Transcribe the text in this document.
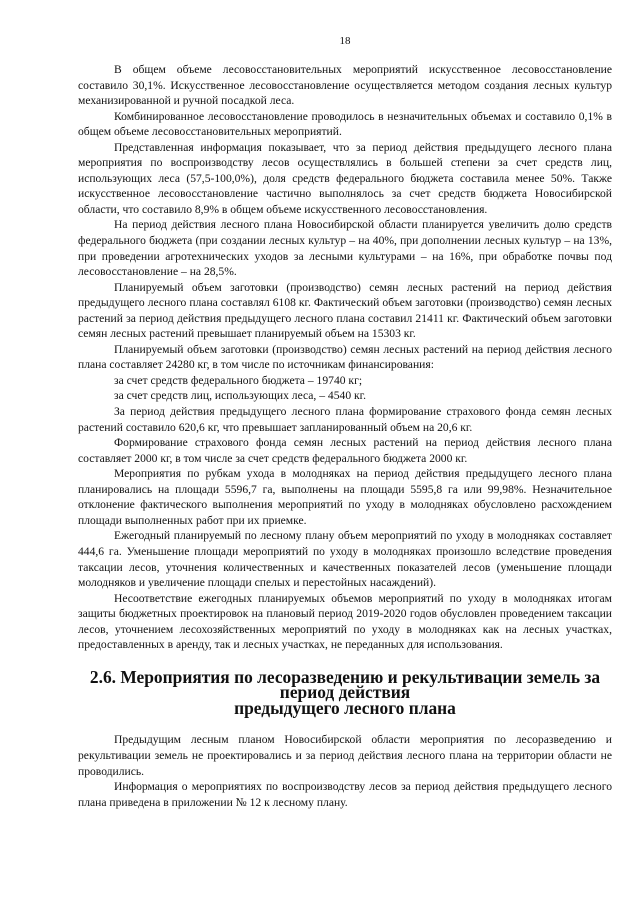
18

В общем объеме лесовосстановительных мероприятий искусственное лесовосстановление составило 30,1%. Искусственное лесовосстановление осуществляется методом создания лесных культур механизированной и ручной посадкой леса.

Комбинированное лесовосстановление проводилось в незначительных объемах и составило 0,1% в общем объеме лесовосстановительных мероприятий.

Представленная информация показывает, что за период действия предыдущего лесного плана мероприятия по воспроизводству лесов осуществлялись в большей степени за счет средств лиц, использующих леса (57,5-100,0%), доля средств федерального бюджета составила менее 50%. Также искусственное лесовосстановление частично выполнялось за счет средств бюджета Новосибирской области, что составило 8,9% в общем объеме искусственного лесовосстановления.

На период действия лесного плана Новосибирской области планируется увеличить долю средств федерального бюджета (при создании лесных культур – на 40%, при дополнении лесных культур – на 13%, при проведении агротехнических уходов за лесными культурами – на 16%, при обработке почвы под лесовосстановление – на 28,5%.

Планируемый объем заготовки (производство) семян лесных растений на период действия предыдущего лесного плана составлял 6108 кг. Фактический объем заготовки (производство) семян лесных растений за период действия предыдущего лесного плана составил 21411 кг. Фактический объем заготовки семян лесных растений превышает планируемый объем на 15303 кг.

Планируемый объем заготовки (производство) семян лесных растений на период действия лесного плана составляет 24280 кг, в том числе по источникам финансирования:

за счет средств федерального бюджета – 19740 кг;

за счет средств лиц, использующих леса, – 4540 кг.

За период действия предыдущего лесного плана формирование страхового фонда семян лесных растений составило 620,6 кг, что превышает запланированный объем на 20,6 кг.

Формирование страхового фонда семян лесных растений на период действия лесного плана составляет 2000 кг, в том числе за счет средств федерального бюджета 2000 кг.

Мероприятия по рубкам ухода в молодняках на период действия предыдущего лесного плана планировались на площади 5596,7 га, выполнены на площади 5595,8 га или 99,98%. Незначительное отклонение фактического выполнения мероприятий по уходу в молодняках обусловлено расхождением площади выполненных работ при их приемке.

Ежегодный планируемый по лесному плану объем мероприятий по уходу в молодняках составляет 444,6 га. Уменьшение площади мероприятий по уходу в молодняках произошло вследствие проведения таксации лесов, уточнения количественных и качественных показателей лесов (уменьшение площади молодняков и увеличение площади спелых и перестойных насаждений).

Несоответствие ежегодных планируемых объемов мероприятий по уходу в молодняках итогам защиты бюджетных проектировок на плановый период 2019-2020 годов обусловлен проведением таксации лесов, уточнением лесохозяйственных мероприятий по уходу в молодняках как на лесных участках, предоставленных в аренду, так и лесных участках, не переданных для использования.

2.6. Мероприятия по лесоразведению и рекультивации земель за период действия
предыдущего лесного плана

Предыдущим лесным планом Новосибирской области мероприятия по лесоразведению и рекультивации земель не проектировались и за период действия лесного плана на территории области не проводились.

Информация о мероприятиях по воспроизводству лесов за период действия предыдущего лесного плана приведена в приложении № 12 к лесному плану.
